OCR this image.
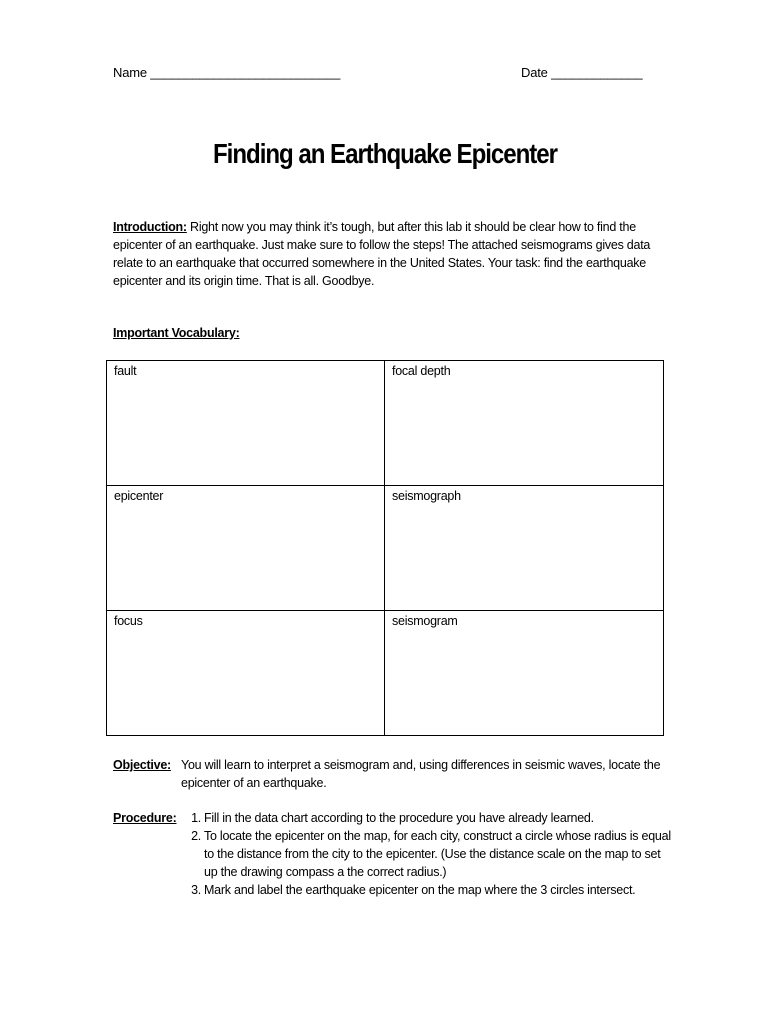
Name ___________________________	Date _____________
Finding an Earthquake Epicenter
Introduction: Right now you may think it’s tough, but after this lab it should be clear how to find the epicenter of an earthquake. Just make sure to follow the steps! The attached seismograms gives data relate to an earthquake that occurred somewhere in the United States. Your task: find the earthquake epicenter and its origin time. That is all. Goodbye.
Important Vocabulary:
fault	focal depth
epicenter	seismograph
focus	seismogram
Objective: You will learn to interpret a seismogram and, using differences in seismic waves, locate the epicenter of an earthquake.
Procedure:	1. Fill in the data chart according to the procedure you have already learned.
2. To locate the epicenter on the map, for each city, construct a circle whose radius is equal to the distance from the city to the epicenter. (Use the distance scale on the map to set up the drawing compass a the correct radius.)
3. Mark and label the earthquake epicenter on the map where the 3 circles intersect.
